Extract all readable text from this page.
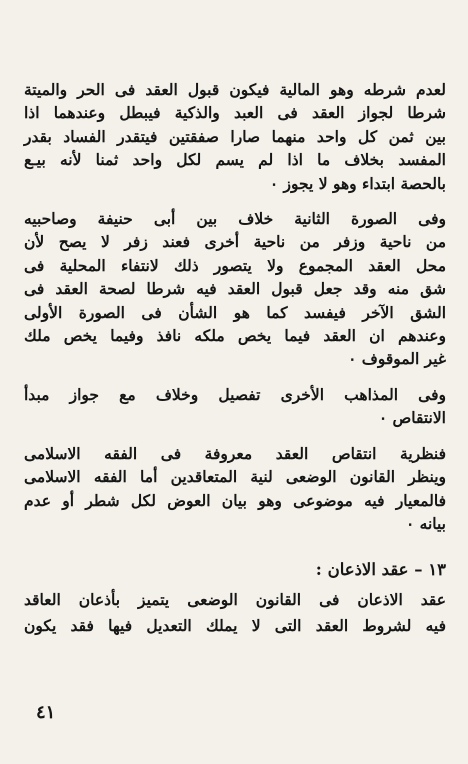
لعدم شرطه وهو المالية فيكون قبول العقد فى الحر والميتة
شرطا لجواز العقد فى العبد والذكية فيبطل وعندهما اذا
بين ثمن كل واحد منهما صارا صفقتين فيتقدر الفساد بقدر
المفسد بخلاف ما اذا لم يسم لكل واحد ثمنا لأنه بيـع
بالحصة ابتداء وهو لا يجوز ٠
وفى الصورة الثانية خلاف بين أبى حنيفة وصاحبيه
من ناحية وزفر من ناحية أخرى فعند زفر لا يصح لأن
محل العقد المجموع ولا يتصور ذلك لانتفاء المحلية فى
شق منه وقد جعل قبول العقد فيه شرطا لصحة العقد فى
الشق الآخر فيفسد كما هو الشأن فى الصورة الأولى
وعندهم ان العقد فيما يخص ملكه نافذ وفيما يخص ملك
غير الموقوف ٠
وفى المذاهب الأخرى تفصيل وخلاف مع جواز مبدأ
الانتقاص ٠
فنظرية انتقاص العقد معروفة فى الفقه الاسلامى
وينظر القانون الوضعى لنية المتعاقدين أما الفقه الاسلامى
فالمعيار فيه موضوعى وهو بيان العوض لكل شطر أو عدم
بيانه ٠
١٣ – عقد الاذعان :
عقد الاذعان فى القانون الوضعى يتميز بأذعان العاقد
فيه لشروط العقد التى لا يملك التعديل فيها فقد يكون
٤١
